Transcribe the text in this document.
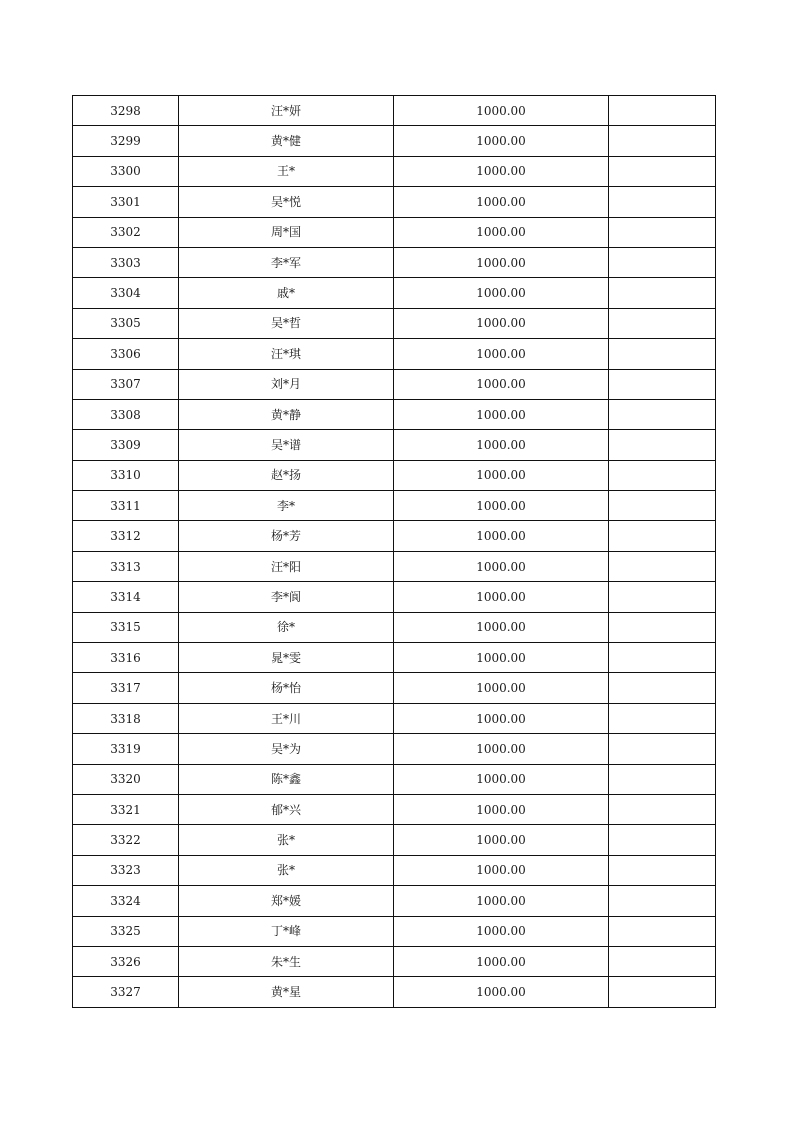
3298	汪*妍	1000.00	
3299	黄*健	1000.00	
3300	王*	1000.00	
3301	吴*悦	1000.00	
3302	周*国	1000.00	
3303	李*军	1000.00	
3304	戚*	1000.00	
3305	吴*哲	1000.00	
3306	汪*琪	1000.00	
3307	刘*月	1000.00	
3308	黄*静	1000.00	
3309	吴*谱	1000.00	
3310	赵*扬	1000.00	
3311	李*	1000.00	
3312	杨*芳	1000.00	
3313	汪*阳	1000.00	
3314	李*阆	1000.00	
3315	徐*	1000.00	
3316	晁*雯	1000.00	
3317	杨*怡	1000.00	
3318	王*川	1000.00	
3319	吴*为	1000.00	
3320	陈*鑫	1000.00	
3321	郁*兴	1000.00	
3322	张*	1000.00	
3323	张*	1000.00	
3324	郑*媛	1000.00	
3325	丁*峰	1000.00	
3326	朱*生	1000.00	
3327	黄*星	1000.00	
